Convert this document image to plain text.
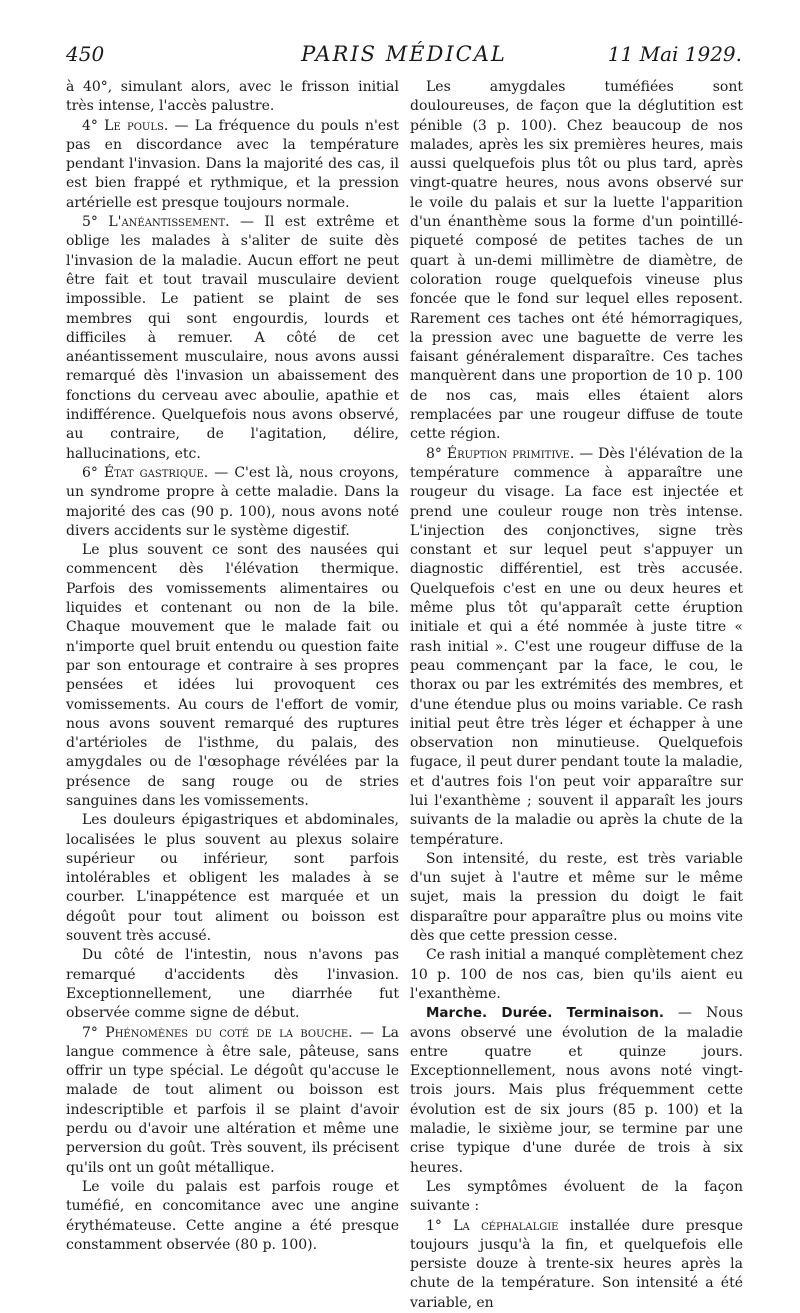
450	PARIS MÉDICAL	11 Mai 1929.

à 40°, simulant alors, avec le frisson initial très intense, l'accès palustre.

4° Le pouls. — La fréquence du pouls n'est pas en discordance avec la température pendant l'invasion. Dans la majorité des cas, il est bien frappé et rythmique, et la pression artérielle est presque toujours normale.

5° L'anéantissement. — Il est extrême et oblige les malades à s'aliter de suite dès l'invasion de la maladie. Aucun effort ne peut être fait et tout travail musculaire devient impossible. Le patient se plaint de ses membres qui sont engourdis, lourds et difficiles à remuer. A côté de cet anéantissement musculaire, nous avons aussi remarqué dès l'invasion un abaissement des fonctions du cerveau avec aboulie, apathie et indifférence. Quelquefois nous avons observé, au contraire, de l'agitation, délire, hallucinations, etc.

6° État gastrique. — C'est là, nous croyons, un syndrome propre à cette maladie. Dans la majorité des cas (90 p. 100), nous avons noté divers accidents sur le système digestif.

Le plus souvent ce sont des nausées qui commencent dès l'élévation thermique. Parfois des vomissements alimentaires ou liquides et contenant ou non de la bile. Chaque mouvement que le malade fait ou n'importe quel bruit entendu ou question faite par son entourage et contraire à ses propres pensées et idées lui provoquent ces vomissements. Au cours de l'effort de vomir, nous avons souvent remarqué des ruptures d'artérioles de l'isthme, du palais, des amygdales ou de l'œsophage révélées par la présence de sang rouge ou de stries sanguines dans les vomissements.

Les douleurs épigastriques et abdominales, localisées le plus souvent au plexus solaire supérieur ou inférieur, sont parfois intolérables et obligent les malades à se courber. L'inappétence est marquée et un dégoût pour tout aliment ou boisson est souvent très accusé.

Du côté de l'intestin, nous n'avons pas remarqué d'accidents dès l'invasion. Exceptionnellement, une diarrhée fut observée comme signe de début.

7° Phénomènes du coté de la bouche. — La langue commence à être sale, pâteuse, sans offrir un type spécial. Le dégoût qu'accuse le malade de tout aliment ou boisson est indescriptible et parfois il se plaint d'avoir perdu ou d'avoir une altération et même une perversion du goût. Très souvent, ils précisent qu'ils ont un goût métallique.

Le voile du palais est parfois rouge et tuméfié, en concomitance avec une angine érythémateuse. Cette angine a été presque constamment observée (80 p. 100).

Les amygdales tuméfiées sont douloureuses, de façon que la déglutition est pénible (3 p. 100). Chez beaucoup de nos malades, après les six premières heures, mais aussi quelquefois plus tôt ou plus tard, après vingt-quatre heures, nous avons observé sur le voile du palais et sur la luette l'apparition d'un énanthème sous la forme d'un pointillé-piqueté composé de petites taches de un quart à un-demi millimètre de diamètre, de coloration rouge quelquefois vineuse plus foncée que le fond sur lequel elles reposent. Rarement ces taches ont été hémorragiques, la pression avec une baguette de verre les faisant généralement disparaître. Ces taches manquèrent dans une proportion de 10 p. 100 de nos cas, mais elles étaient alors remplacées par une rougeur diffuse de toute cette région.

8° Éruption primitive. — Dès l'élévation de la température commence à apparaître une rougeur du visage. La face est injectée et prend une couleur rouge non très intense. L'injection des conjonctives, signe très constant et sur lequel peut s'appuyer un diagnostic différentiel, est très accusée. Quelquefois c'est en une ou deux heures et même plus tôt qu'apparaît cette éruption initiale et qui a été nommée à juste titre « rash initial ». C'est une rougeur diffuse de la peau commençant par la face, le cou, le thorax ou par les extrémités des membres, et d'une étendue plus ou moins variable. Ce rash initial peut être très léger et échapper à une observation non minutieuse. Quelquefois fugace, il peut durer pendant toute la maladie, et d'autres fois l'on peut voir apparaître sur lui l'exanthème ; souvent il apparaît les jours suivants de la maladie ou après la chute de la température.

Son intensité, du reste, est très variable d'un sujet à l'autre et même sur le même sujet, mais la pression du doigt le fait disparaître pour apparaître plus ou moins vite dès que cette pression cesse.

Ce rash initial a manqué complètement chez 10 p. 100 de nos cas, bien qu'ils aient eu l'exanthème.

Marche. Durée. Terminaison. — Nous avons observé une évolution de la maladie entre quatre et quinze jours. Exceptionnellement, nous avons noté vingt-trois jours. Mais plus fréquemment cette évolution est de six jours (85 p. 100) et la maladie, le sixième jour, se termine par une crise typique d'une durée de trois à six heures.

Les symptômes évoluent de la façon suivante :

1° La céphalalgie installée dure presque toujours jusqu'à la fin, et quelquefois elle persiste douze à trente-six heures après la chute de la température. Son intensité a été variable, en
